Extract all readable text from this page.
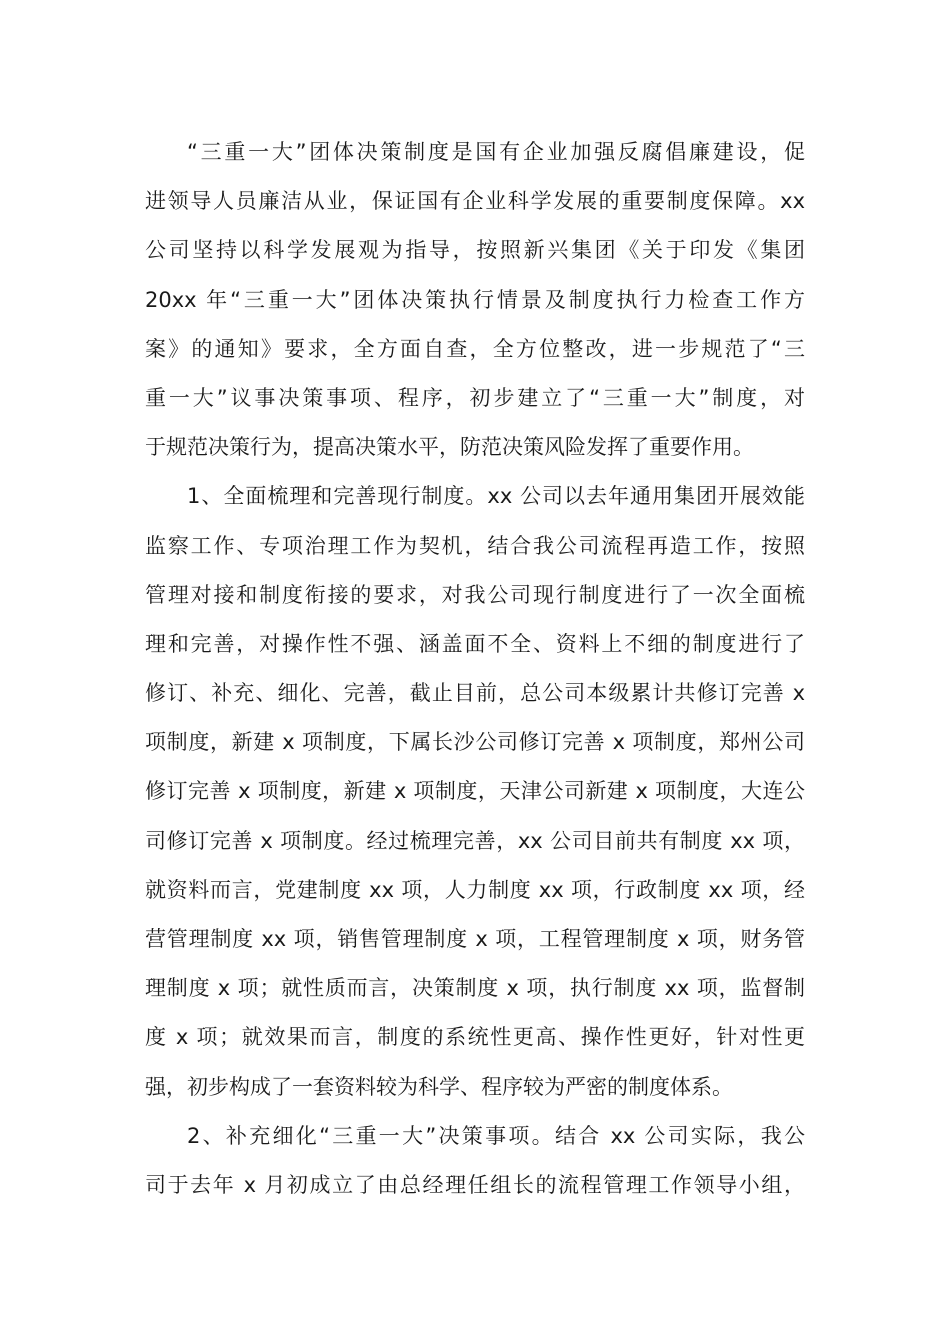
“三重一大”团体决策制度是国有企业加强反腐倡廉建设，促
进领导人员廉洁从业，保证国有企业科学发展的重要制度保障。xx
公司坚持以科学发展观为指导，按照新兴集团《关于印发《集团
20xx 年“三重一大”团体决策执行情景及制度执行力检查工作方
案》的通知》要求，全方面自查，全方位整改，进一步规范了“三
重一大”议事决策事项、程序，初步建立了“三重一大”制度，对
于规范决策行为，提高决策水平，防范决策风险发挥了重要作用。
1、全面梳理和完善现行制度。xx 公司以去年通用集团开展效能
监察工作、专项治理工作为契机，结合我公司流程再造工作，按照
管理对接和制度衔接的要求，对我公司现行制度进行了一次全面梳
理和完善，对操作性不强、涵盖面不全、资料上不细的制度进行了
修订、补充、细化、完善，截止目前，总公司本级累计共修订完善 x
项制度，新建 x 项制度，下属长沙公司修订完善 x 项制度，郑州公司
修订完善 x 项制度，新建 x 项制度，天津公司新建 x 项制度，大连公
司修订完善 x 项制度。经过梳理完善，xx 公司目前共有制度 xx 项，
就资料而言，党建制度 xx 项，人力制度 xx 项，行政制度 xx 项，经
营管理制度 xx 项，销售管理制度 x 项，工程管理制度 x 项，财务管
理制度 x 项；就性质而言，决策制度 x 项，执行制度 xx 项，监督制
度 x 项；就效果而言，制度的系统性更高、操作性更好，针对性更
强，初步构成了一套资料较为科学、程序较为严密的制度体系。
2、补充细化“三重一大”决策事项。结合 xx 公司实际，我公
司于去年 x 月初成立了由总经理任组长的流程管理工作领导小组，
